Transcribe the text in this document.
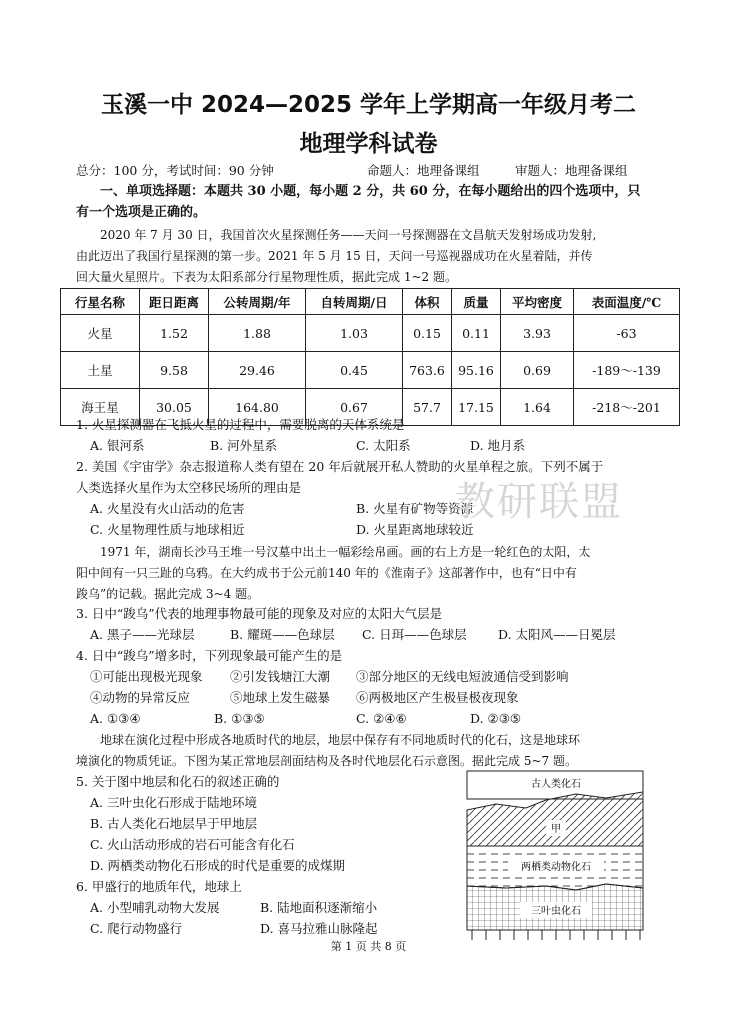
玉溪一中 2024—2025 学年上学期高一年级月考二
地理学科试卷
总分：100 分，考试时间：90 分钟	命题人：地理备课组	审题人：地理备课组
一、单项选择题：本题共 30 小题，每小题 2 分，共 60 分，在每小题给出的四个选项中，只
有一个选项是正确的。
2020 年 7 月 30 日，我国首次火星探测任务——天问一号探测器在文昌航天发射场成功发射,
由此迈出了我国行星探测的第一步。2021 年 5 月 15 日，天问一号巡视器成功在火星着陆，并传
回大量火星照片。下表为太阳系部分行星物理性质，据此完成 1~2 题。
行星名称	距日距离	公转周期/年	自转周期/日	体积	质量	平均密度	表面温度/℃
火星	1.52	1.88	1.03	0.15	0.11	3.93	-63
土星	9.58	29.46	0.45	763.6	95.16	0.69	-189～-139
海王星	30.05	164.80	0.67	57.7	17.15	1.64	-218～-201
1. 火星探测器在飞抵火星的过程中，需要脱离的天体系统是
A. 银河系	B. 河外星系	C. 太阳系	D. 地月系
2. 美国《宇宙学》杂志报道称人类有望在 20 年后就展开私人赞助的火星单程之旅。下列不属于
人类选择火星作为太空移民场所的理由是
A. 火星没有火山活动的危害	B. 火星有矿物等资源
C. 火星物理性质与地球相近	D. 火星距离地球较近
教研联盟
1971 年，湖南长沙马王堆一号汉墓中出土一幅彩绘帛画。画的右上方是一轮红色的太阳，太
阳中间有一只三趾的乌鸦。在大约成书于公元前140 年的《淮南子》这部著作中，也有“日中有
踆乌”的记载。据此完成 3~4 题。
3. 日中“踆乌”代表的地理事物最可能的现象及对应的太阳大气层是
A. 黑子——光球层	B. 耀斑——色球层 C. 日珥——色球层	D. 太阳风——日冕层
4. 日中“踆乌”增多时，下列现象最可能产生的是
①可能出现极光现象 ②引发钱塘江大潮 ③部分地区的无线电短波通信受到影响
④动物的异常反应	⑤地球上发生磁暴 ⑥两极地区产生极昼极夜现象
A. ①③④	B. ①③⑤	C. ②④⑥	D. ②③⑤
地球在演化过程中形成各地质时代的地层，地层中保存有不同地质时代的化石，这是地球环
境演化的物质凭证。下图为某正常地层剖面结构及各时代地层化石示意图。据此完成 5~7 题。
5. 关于图中地层和化石的叙述正确的
A. 三叶虫化石形成于陆地环境
B. 古人类化石地层早于甲地层
C. 火山活动形成的岩石可能含有化石
D. 两栖类动物化石形成的时代是重要的成煤期
6. 甲盛行的地质年代，地球上
A. 小型哺乳动物大发展	B. 陆地面积逐渐缩小
C. 爬行动物盛行	D. 喜马拉雅山脉隆起
古人类化石
甲
两栖类动物化石
三叶虫化石
第 1 页 共 8 页
